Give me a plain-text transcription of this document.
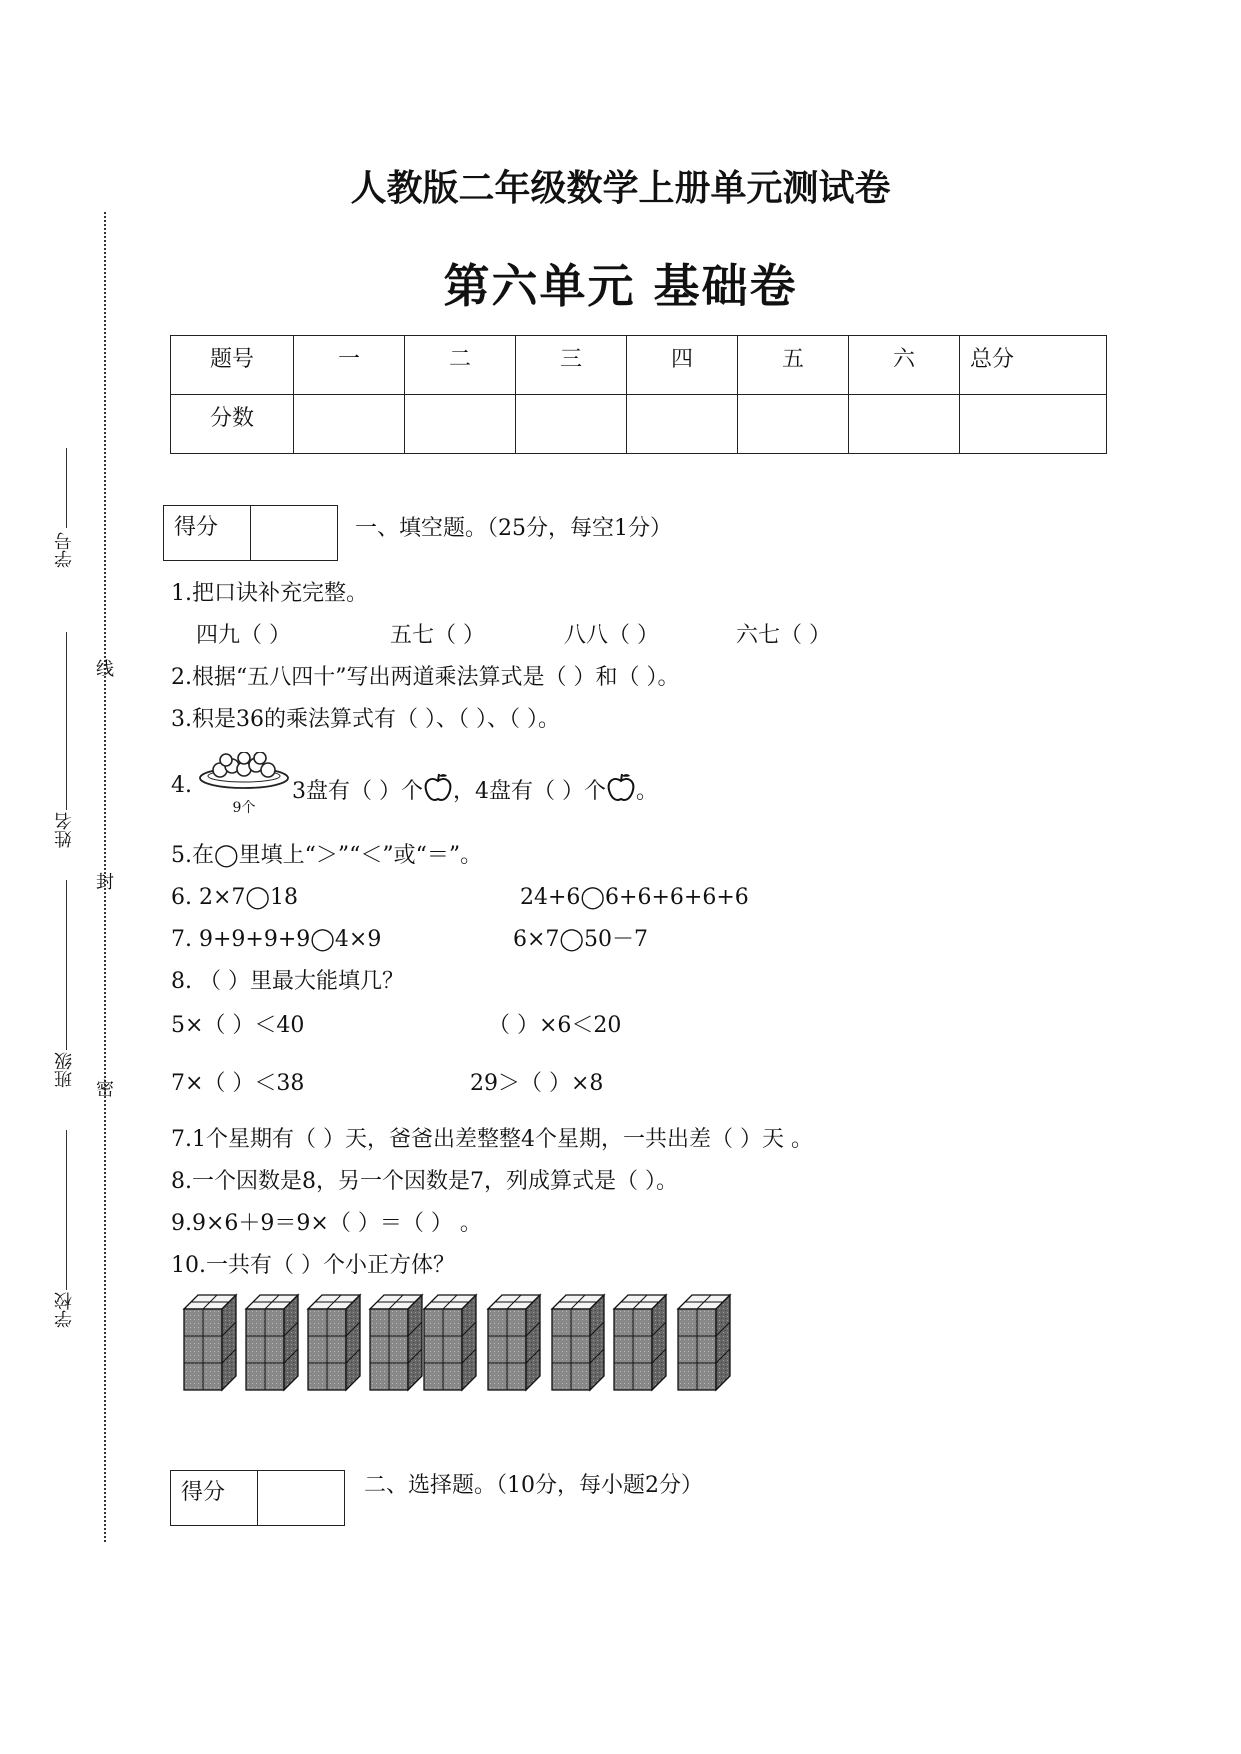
学号
姓名
班级
学校
线
封
密
人教版二年级数学上册单元测试卷
第六单元 基础卷
题号	一	二	三	四	五	六	总分
分数							
得分		一、填空题。（25分，每空1分）
1.把口诀补充完整。
四九（ ）	五七（ ）	八八（ ）	六七（ ）
2.根据“五八四十”写出两道乘法算式是（ ）和（ ）。
3.积是36的乘法算式有（ ）、（ ）、（ ）。
4.
9个
3盘有（ ）个 ，4盘有（ ）个 。
5.在◯里填上“＞”“＜”或“＝”。
6. 2×7◯18	24+6◯6+6+6+6+6
7. 9+9+9+9◯4×9	6×7◯50－7
8. （ ）里最大能填几？
5×（ ）＜40	（ ）×6＜20
7×（ ）＜38	29＞（ ）×8
7.1个星期有（ ）天，爸爸出差整整4个星期，一共出差（ ）天 。
8.一个因数是8，另一个因数是7，列成算式是（ ）。
9.9×6＋9＝9×（ ）＝（ ） 。
10.一共有（ ）个小正方体？
得分		二、选择题。（10分，每小题2分）
